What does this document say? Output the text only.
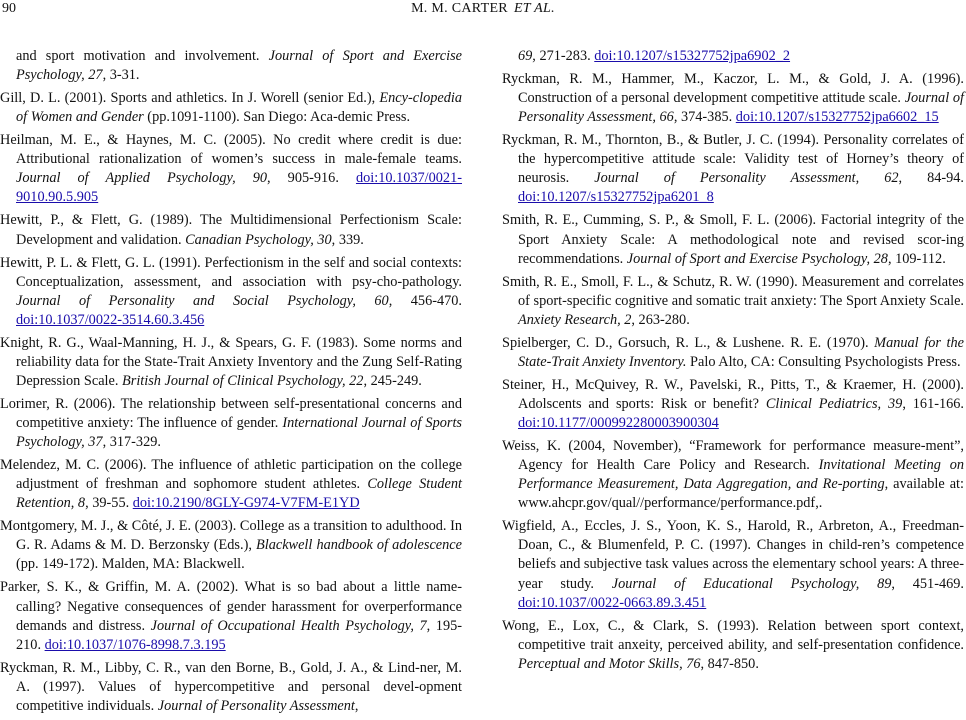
90	M. M. CARTER ET AL.

and sport motivation and involvement. Journal of Sport and Exercise Psychology, 27, 3-31.

Gill, D. L. (2001). Sports and athletics. In J. Worell (senior Ed.), Ency-clopedia of Women and Gender (pp.1091-1100). San Diego: Aca-demic Press.

Heilman, M. E., & Haynes, M. C. (2005). No credit where credit is due: Attributional rationalization of women’s success in male-female teams. Journal of Applied Psychology, 90, 905-916. doi:10.1037/0021-9010.90.5.905

Hewitt, P., & Flett, G. (1989). The Multidimensional Perfectionism Scale: Development and validation. Canadian Psychology, 30, 339.

Hewitt, P. L. & Flett, G. L. (1991). Perfectionism in the self and social contexts: Conceptualization, assessment, and association with psy-cho-pathology. Journal of Personality and Social Psychology, 60, 456-470. doi:10.1037/0022-3514.60.3.456

Knight, R. G., Waal-Manning, H. J., & Spears, G. F. (1983). Some norms and reliability data for the State-Trait Anxiety Inventory and the Zung Self-Rating Depression Scale. British Journal of Clinical Psychology, 22, 245-249.

Lorimer, R. (2006). The relationship between self-presentational concerns and competitive anxiety: The influence of gender. International Journal of Sports Psychology, 37, 317-329.

Melendez, M. C. (2006). The influence of athletic participation on the college adjustment of freshman and sophomore student athletes. College Student Retention, 8, 39-55. doi:10.2190/8GLY-G974-V7FM-E1YD

Montgomery, M. J., & Côté, J. E. (2003). College as a transition to adulthood. In G. R. Adams & M. D. Berzonsky (Eds.), Blackwell handbook of adolescence (pp. 149-172). Malden, MA: Blackwell.

Parker, S. K., & Griffin, M. A. (2002). What is so bad about a little name-calling? Negative consequences of gender harassment for overperformance demands and distress. Journal of Occupational Health Psychology, 7, 195-210. doi:10.1037/1076-8998.7.3.195

Ryckman, R. M., Libby, C. R., van den Borne, B., Gold, J. A., & Lind-ner, M. A. (1997). Values of hypercompetitive and personal devel-opment competitive individuals. Journal of Personality Assessment,

69, 271-283. doi:10.1207/s15327752jpa6902_2

Ryckman, R. M., Hammer, M., Kaczor, L. M., & Gold, J. A. (1996). Construction of a personal development competitive attitude scale. Journal of Personality Assessment, 66, 374-385. doi:10.1207/s15327752jpa6602_15

Ryckman, R. M., Thornton, B., & Butler, J. C. (1994). Personality correlates of the hypercompetitive attitude scale: Validity test of Horney’s theory of neurosis. Journal of Personality Assessment, 62, 84-94. doi:10.1207/s15327752jpa6201_8

Smith, R. E., Cumming, S. P., & Smoll, F. L. (2006). Factorial integrity of the Sport Anxiety Scale: A methodological note and revised scor-ing recommendations. Journal of Sport and Exercise Psychology, 28, 109-112.

Smith, R. E., Smoll, F. L., & Schutz, R. W. (1990). Measurement and correlates of sport-specific cognitive and somatic trait anxiety: The Sport Anxiety Scale. Anxiety Research, 2, 263-280.

Spielberger, C. D., Gorsuch, R. L., & Lushene. R. E. (1970). Manual for the State-Trait Anxiety Inventory. Palo Alto, CA: Consulting Psychologists Press.

Steiner, H., McQuivey, R. W., Pavelski, R., Pitts, T., & Kraemer, H. (2000). Adolscents and sports: Risk or benefit? Clinical Pediatrics, 39, 161-166. doi:10.1177/000992280003900304

Weiss, K. (2004, November), “Framework for performance measure-ment”, Agency for Health Care Policy and Research. Invitational Meeting on Performance Measurement, Data Aggregation, and Re-porting, available at: www.ahcpr.gov/qual//performance/performance.pdf,.

Wigfield, A., Eccles, J. S., Yoon, K. S., Harold, R., Arbreton, A., Freedman-Doan, C., & Blumenfeld, P. C. (1997). Changes in child-ren’s competence beliefs and subjective task values across the elementary school years: A three-year study. Journal of Educational Psychology, 89, 451-469. doi:10.1037/0022-0663.89.3.451

Wong, E., Lox, C., & Clark, S. (1993). Relation between sport context, competitive trait anxeity, perceived ability, and self-presentation confidence. Perceptual and Motor Skills, 76, 847-850.
